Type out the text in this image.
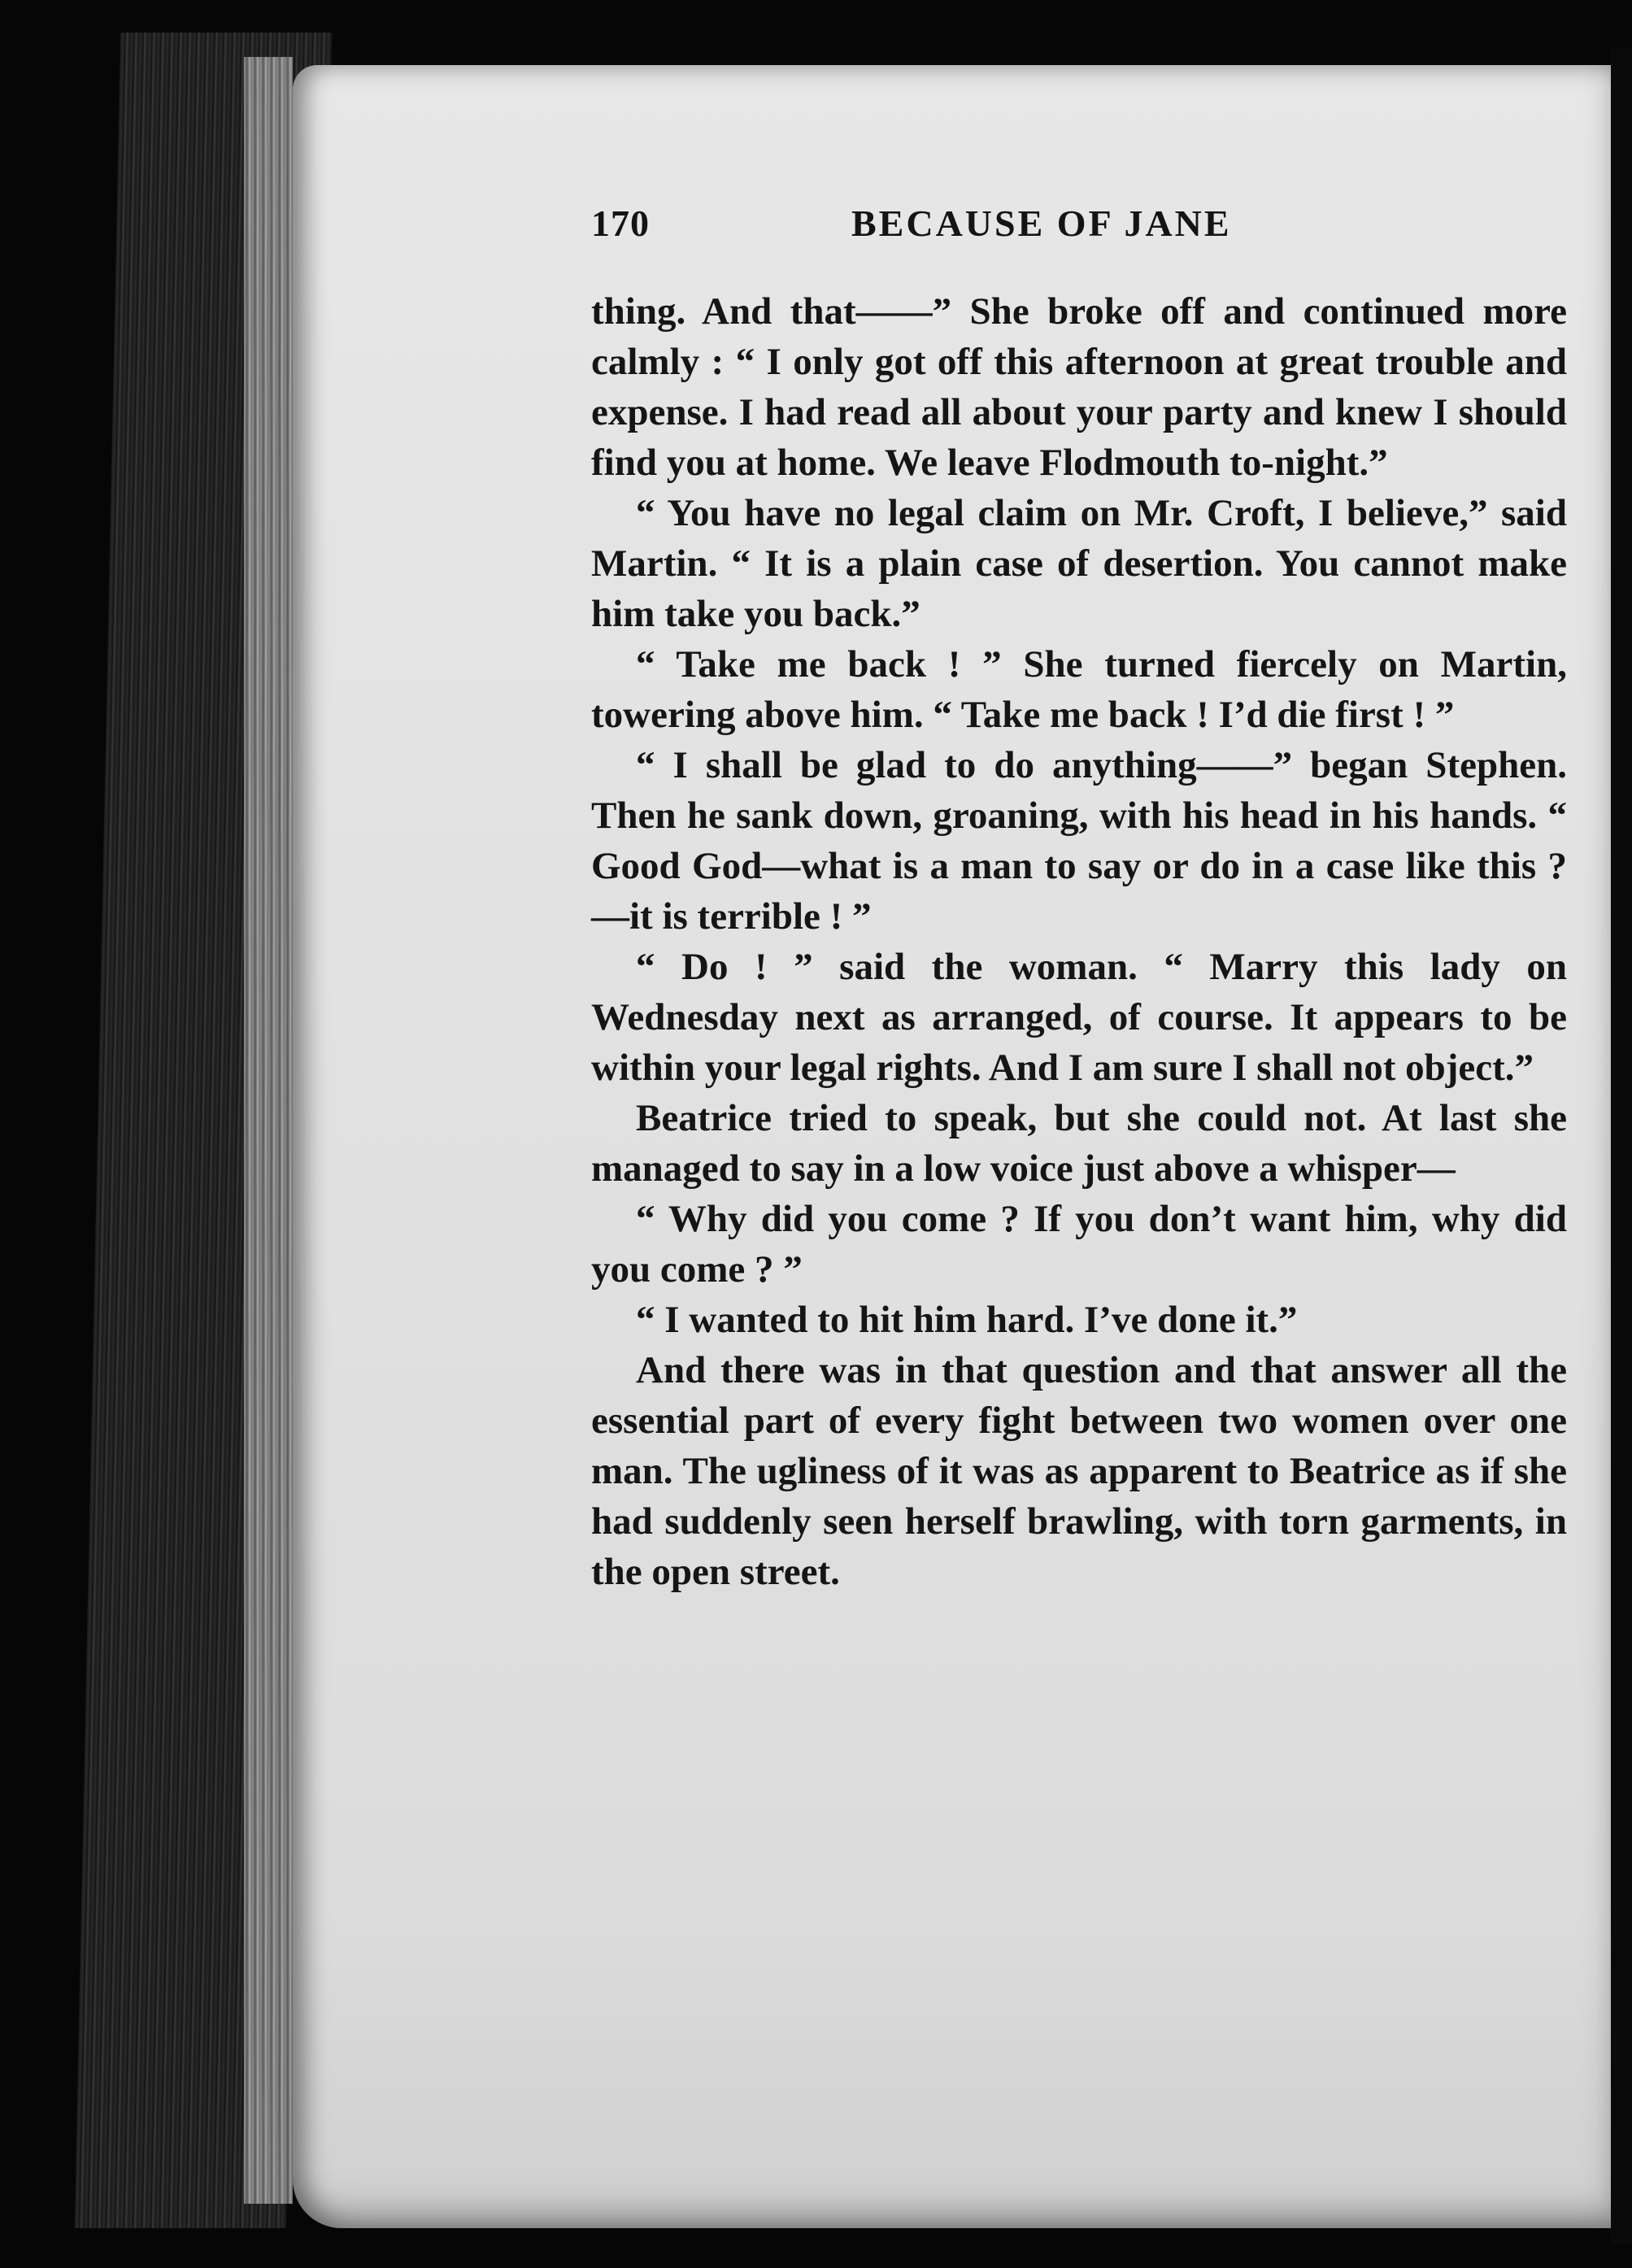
170	BECAUSE OF JANE

thing. And that——” She broke off and continued more calmly : “ I only got off this afternoon at great trouble and expense. I had read all about your party and knew I should find you at home. We leave Flodmouth to-night.”

“ You have no legal claim on Mr. Croft, I believe,” said Martin. “ It is a plain case of desertion. You cannot make him take you back.”

“ Take me back ! ” She turned fiercely on Martin, towering above him. “ Take me back ! I’d die first ! ”

“ I shall be glad to do anything——” began Stephen. Then he sank down, groaning, with his head in his hands. “ Good God—what is a man to say or do in a case like this ?—it is terrible ! ”

“ Do ! ” said the woman. “ Marry this lady on Wednesday next as arranged, of course. It appears to be within your legal rights. And I am sure I shall not object.”

Beatrice tried to speak, but she could not. At last she managed to say in a low voice just above a whisper—

“ Why did you come ? If you don’t want him, why did you come ? ”

“ I wanted to hit him hard. I’ve done it.”

And there was in that question and that answer all the essential part of every fight between two women over one man. The ugliness of it was as apparent to Beatrice as if she had suddenly seen herself brawling, with torn garments, in the open street.
